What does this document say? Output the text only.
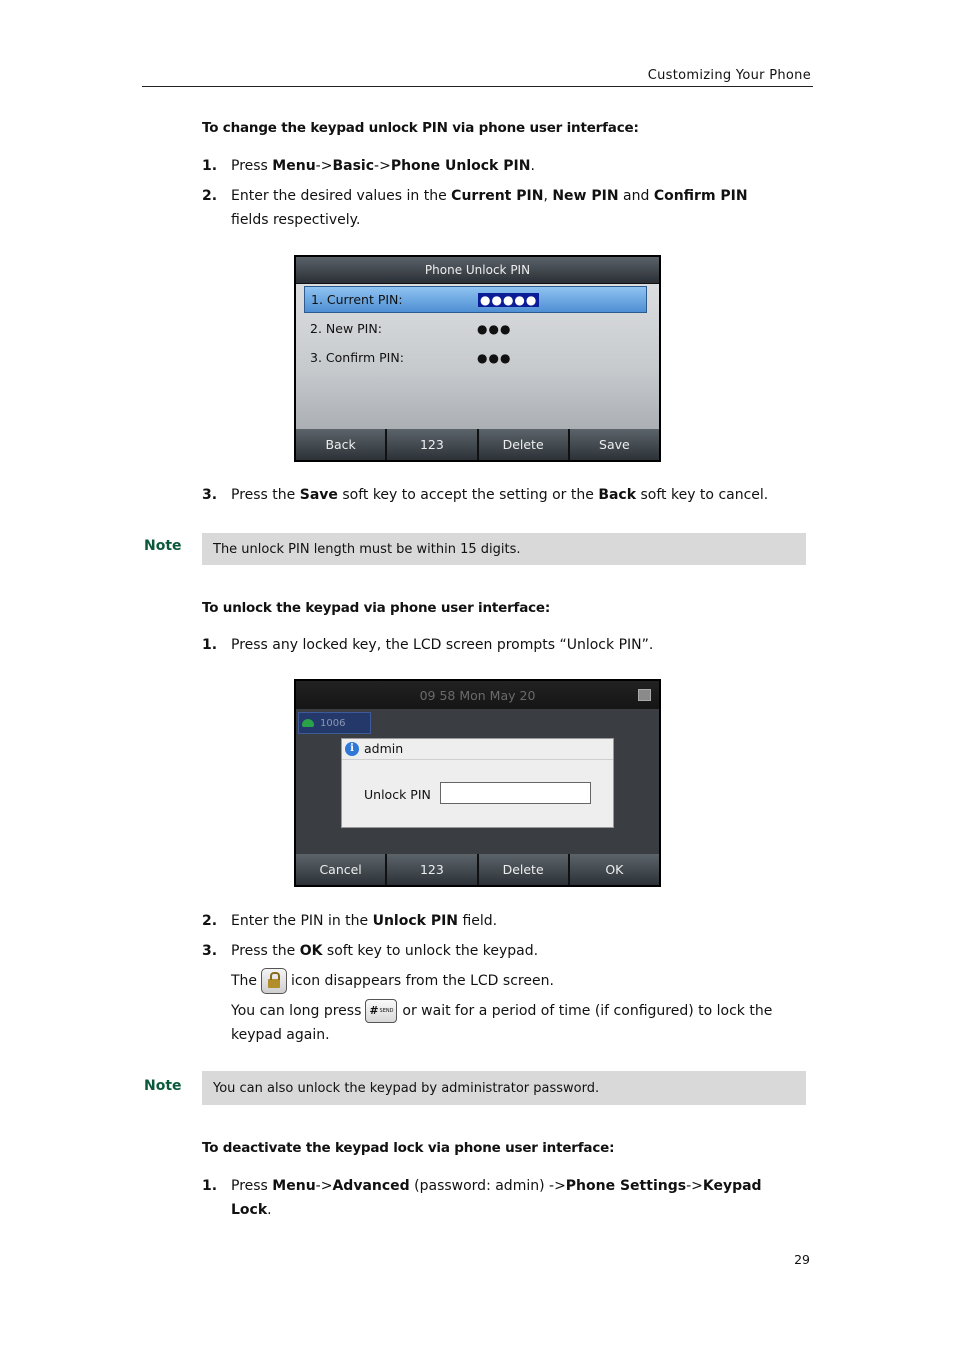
Customizing Your Phone
To change the keypad unlock PIN via phone user interface:
1. Press Menu->Basic->Phone Unlock PIN.
2. Enter the desired values in the Current PIN, New PIN and Confirm PIN fields respectively.
Phone Unlock PIN
1. Current PIN:	●●●●●
2. New PIN:	●●●
3. Confirm PIN:	●●●
Back	123	Delete	Save
3. Press the Save soft key to accept the setting or the Back soft key to cancel.
Note	The unlock PIN length must be within 15 digits.
To unlock the keypad via phone user interface:
1. Press any locked key, the LCD screen prompts “Unlock PIN”.
09 58 Mon May 20
1006
i admin
Unlock PIN
Cancel	123	Delete	OK
2. Enter the PIN in the Unlock PIN field.
3. Press the OK soft key to unlock the keypad.
The icon disappears from the LCD screen.
You can long press # SEND or wait for a period of time (if configured) to lock the keypad again.
Note	You can also unlock the keypad by administrator password.
To deactivate the keypad lock via phone user interface:
1. Press Menu->Advanced (password: admin) ->Phone Settings->Keypad Lock.
29
